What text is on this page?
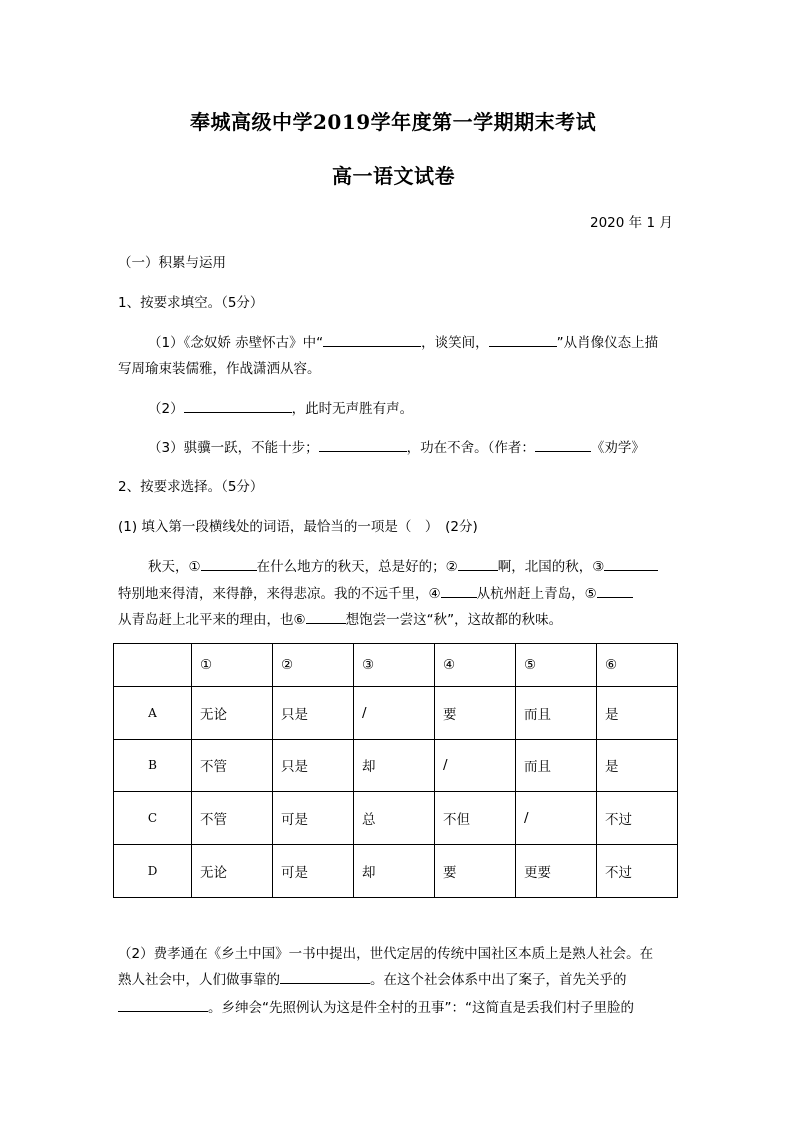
奉城高级中学2019学年度第一学期期末考试
高一语文试卷
2020 年 1 月
（一）积累与运用
1、按要求填空。（5分）
（1）《念奴娇 赤壁怀古》中“	，谈笑间，	”从肖像仪态上描
写周瑜束装儒雅，作战潇洒从容。
（2）	，此时无声胜有声。
（3）骐骥一跃，不能十步；	，功在不舍。（作者：	《劝学》
2、按要求选择。（5分）
(1) 填入第一段横线处的词语，最恰当的一项是（　）　(2分)
秋天，①	在什么地方的秋天，总是好的；②	啊，北国的秋，③
特别地来得清，来得静，来得悲凉。我的不远千里，④	从杭州赶上青岛，⑤
从青岛赶上北平来的理由，也⑥	想饱尝一尝这“秋”，这故都的秋味。
	①	②	③	④	⑤	⑥
A	无论	只是	/	要	而且	是
B	不管	只是	却	/	而且	是
C	不管	可是	总	不但	/	不过
D	无论	可是	却	要	更要	不过
（2）费孝通在《乡土中国》一书中提出，世代定居的传统中国社区本质上是熟人社会。在
熟人社会中，人们做事靠的	。在这个社会体系中出了案子，首先关乎的
。乡绅会“先照例认为这是件全村的丑事”：“这简直是丢我们村子里脸的
